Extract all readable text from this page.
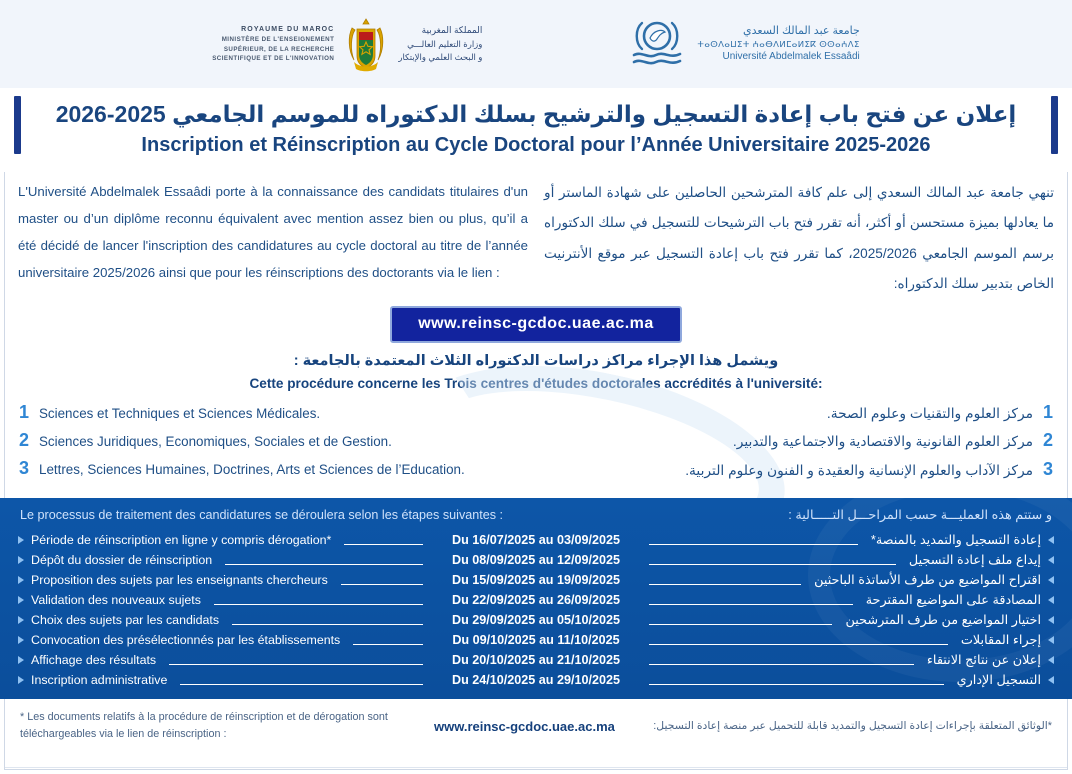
ROYAUME DU MAROC
MINISTÈRE DE L'ENSEIGNEMENT
SUPÉRIEUR, DE LA RECHERCHE
SCIENTIFIQUE ET DE L'INNOVATION
المملكة المغربية
وزارة التعليم العالـــي
و البحث العلمي والإبتكار
جامعة عبد المالك السعدي
ⵜⴰⵙⴷⴰⵡⵉⵜ ⵄⴰⴱⴷⵍⵎⴰⵍⵉⴽ ⵙⵙⴰⵄⴷⵉ
Université Abdelmalek Essaâdi
إعلان عن فتح باب إعادة التسجيل والترشيح بسلك الدكتوراه للموسم الجامعي 2025-2026
Inscription et Réinscription au Cycle Doctoral pour l’Année Universitaire 2025-2026
L'Université Abdelmalek Essaâdi porte à la connaissance des candidats titulaires d'un master ou d’un diplôme reconnu équivalent avec mention assez bien ou plus, qu’il a été décidé de lancer l'inscription des candidatures au cycle doctoral au titre de l’année universitaire 2025/2026 ainsi que pour les réinscriptions des doctorants via le lien :
تنهي جامعة عبد المالك السعدي إلى علم كافة المترشحين الحاصلين على شهادة الماستر أو ما يعادلها بميزة مستحسن أو أكثر، أنه تقرر فتح باب الترشيحات للتسجيل في سلك الدكتوراه برسم الموسم الجامعي 2025/2026، كما تقرر فتح باب إعادة التسجيل عبر موقع الأنترنيت الخاص بتدبير سلك الدكتوراه:
www.reinsc-gcdoc.uae.ac.ma
ويشمل هذا الإجراء مراكز دراسات الدكتوراه الثلاث المعتمدة بالجامعة :
Cette procédure concerne les Trois centres d'études doctorales accrédités à l'université:
1 Sciences et Techniques et Sciences Médicales.
2 Sciences Juridiques, Economiques, Sociales et de Gestion.
3 Lettres, Sciences Humaines, Doctrines, Arts et Sciences de l’Education.
1
مركز العلوم والتقنيات وعلوم الصحة.
2
مركز العلوم القانونية والاقتصادية والاجتماعية والتدبير.
3
مركز الآداب والعلوم الإنسانية والعقيدة و الفنون وعلوم التربية.
Le processus de traitement des candidatures se déroulera selon les étapes suivantes :	و ستتم هذه العمليـــة حسب المراحـــل التـــــالية :
Période de réinscription en ligne y compris dérogation*	Du 16/07/2025 au 03/09/2025	إعادة التسجيل والتمديد بالمنصة*
Dépôt du dossier de réinscription	Du 08/09/2025 au 12/09/2025	إيداع ملف إعادة التسجيل
Proposition des sujets par les enseignants chercheurs	Du 15/09/2025 au 19/09/2025	اقتراح المواضيع من طرف الأساتذة الباحثين
Validation des nouveaux sujets	Du 22/09/2025 au 26/09/2025	المصادقة على المواضيع المقترحة
Choix des sujets par les candidats	Du 29/09/2025 au 05/10/2025	اختيار المواضيع من طرف المترشحين
Convocation des présélectionnés par les établissements	Du 09/10/2025 au 11/10/2025	إجراء المقابلات
Affichage des résultats	Du 20/10/2025 au 21/10/2025	إعلان عن نتائج الانتقاء
Inscription administrative	Du 24/10/2025 au 29/10/2025	التسجيل الإداري
* Les documents relatifs à la procédure de réinscription et de dérogation sont téléchargeables via le lien de réinscription :
www.reinsc-gcdoc.uae.ac.ma	*الوثائق المتعلقة بإجراءات إعادة التسجيل والتمديد قابلة للتحميل عبر منصة إعادة التسجيل:
